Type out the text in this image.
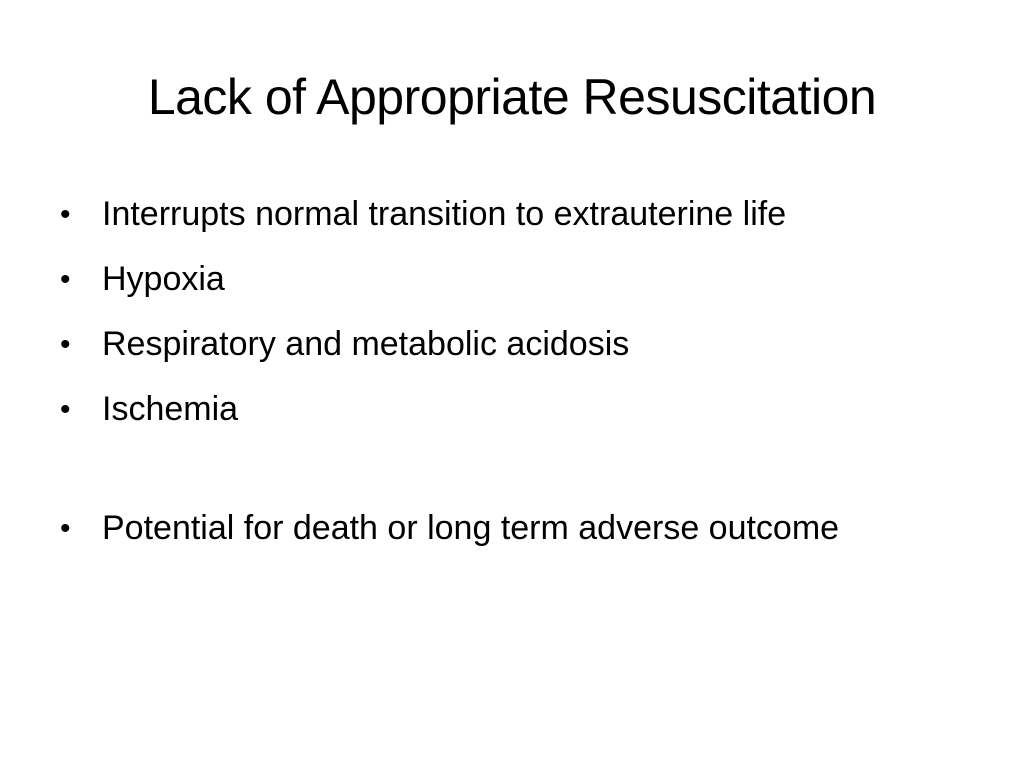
Lack of Appropriate Resuscitation
• Interrupts normal transition to extrauterine life
• Hypoxia
• Respiratory and metabolic acidosis
• Ischemia
• Potential for death or long term adverse outcome
